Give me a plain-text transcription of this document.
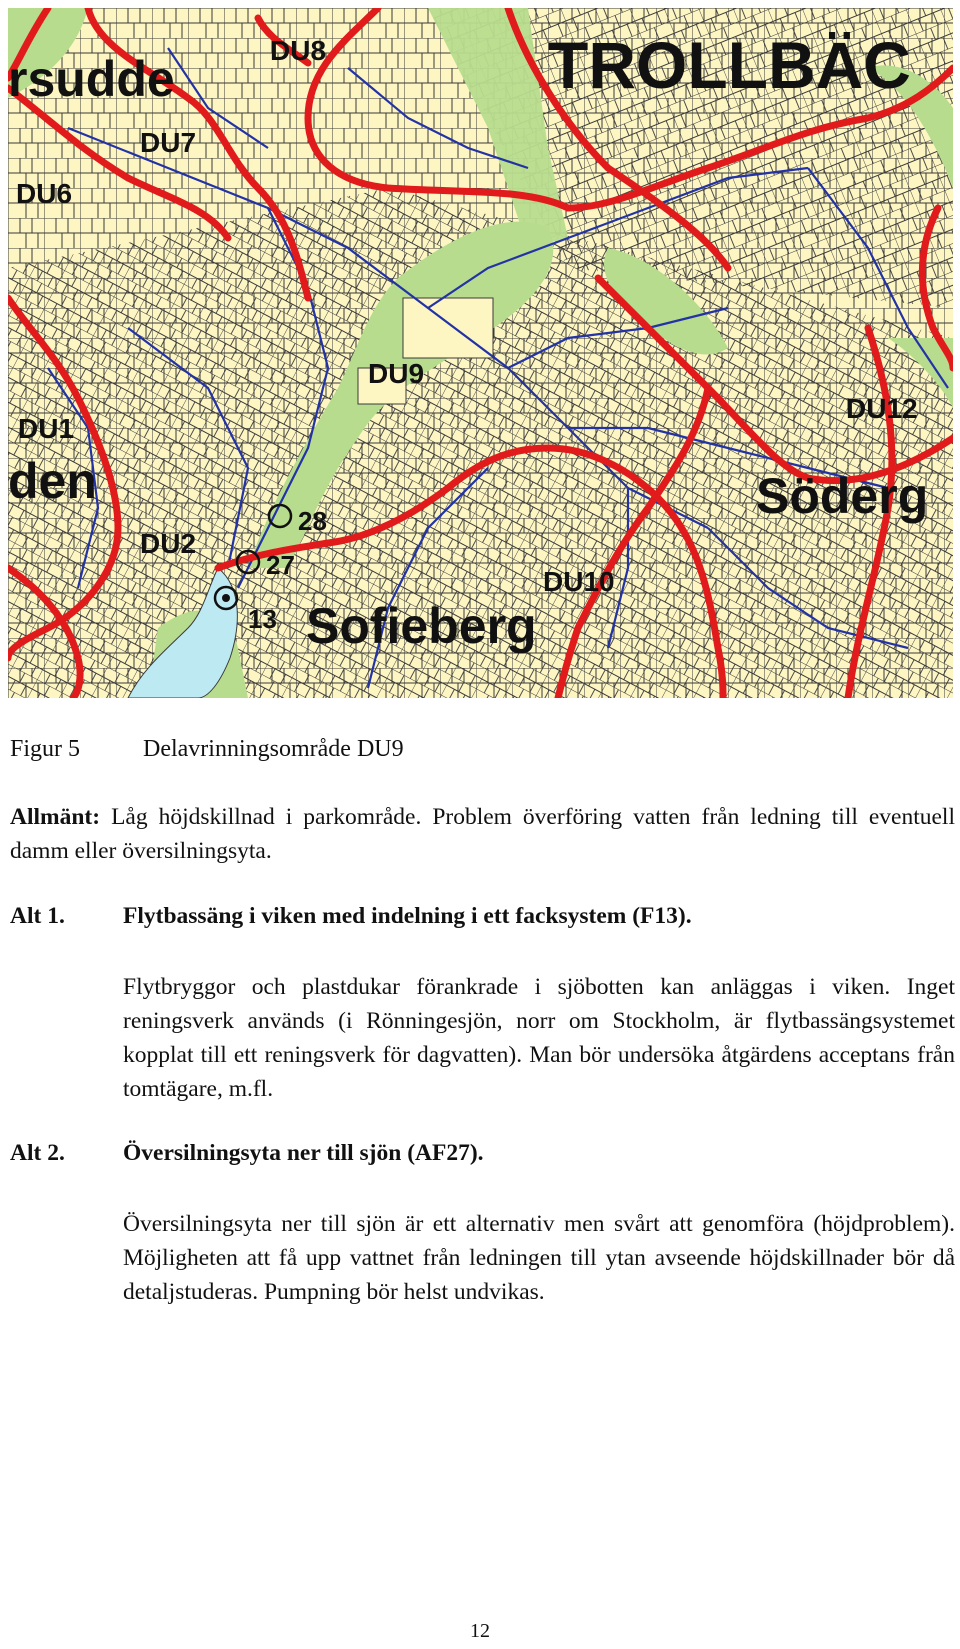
rsudde	TROLLBÄC
DU8
DU7
DU6
DU9
DU1
den
DU12
Söderg
DU2
DU10
Sofieberg
28
27
13
Figur 5	Delavrinningsområde DU9

Allmänt: Låg höjdskillnad i parkområde. Problem överföring vatten från ledning till eventuell damm eller översilningsyta.

Alt 1. Flytbassäng i viken med indelning i ett facksystem (F13).

Flytbryggor och plastdukar förankrade i sjöbotten kan anläggas i viken. Inget reningsverk används (i Rönningesjön, norr om Stockholm, är flytbassängsystemet kopplat till ett reningsverk för dagvatten). Man bör undersöka åtgärdens acceptans från tomtägare, m.fl.

Alt 2. Översilningsyta ner till sjön (AF27).

Översilningsyta ner till sjön är ett alternativ men svårt att genomföra (höjdproblem). Möjligheten att få upp vattnet från ledningen till ytan avseende höjdskillnader bör då detaljstuderas. Pumpning bör helst undvikas.

12
